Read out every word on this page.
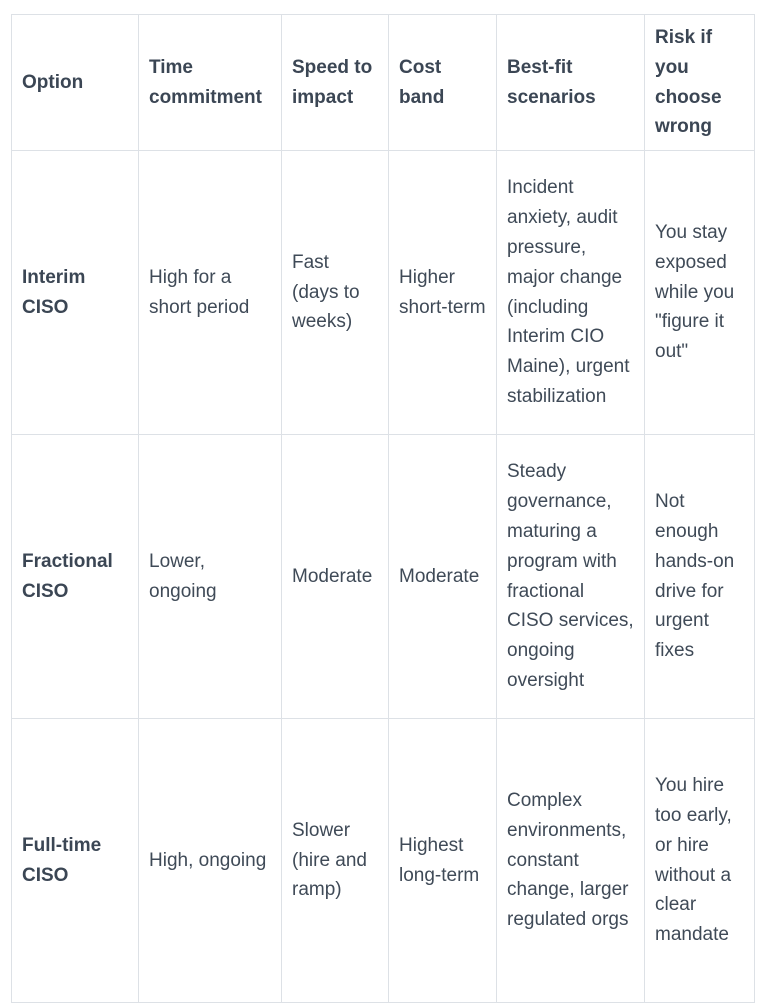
Option	Time commitment	Speed to impact	Cost band	Best-fit scenarios	Risk if you choose wrong
Interim CISO	High for a short period	Fast (days to weeks)	Higher short-term	Incident anxiety, audit pressure, major change (including Interim CIO Maine), urgent stabilization	You stay exposed while you "figure it out"
Fractional CISO	Lower, ongoing	Moderate	Moderate	Steady governance, maturing a program with fractional CISO services, ongoing oversight	Not enough hands-on drive for urgent fixes
Full-time CISO	High, ongoing	Slower (hire and ramp)	Highest long-term	Complex environments, constant change, larger regulated orgs	You hire too early, or hire without a clear mandate
